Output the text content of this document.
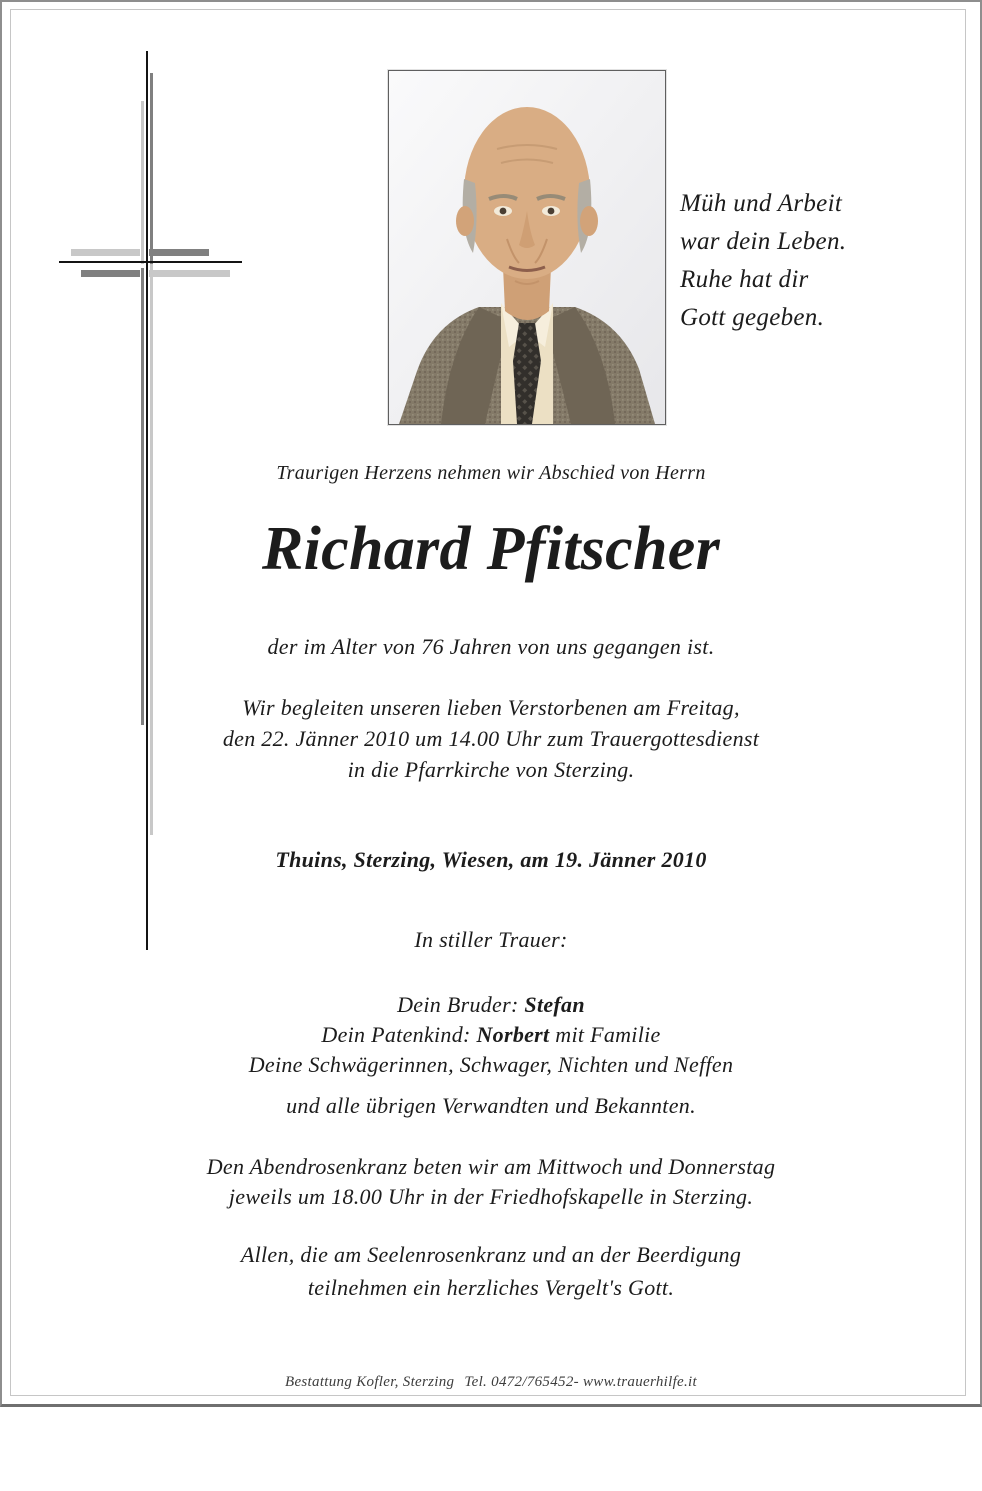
Müh und Arbeit
war dein Leben.
Ruhe hat dir
Gott gegeben.
Traurigen Herzens nehmen wir Abschied von Herrn
Richard Pfitscher
der im Alter von 76 Jahren von uns gegangen ist.
Wir begleiten unseren lieben Verstorbenen am Freitag,
den 22. Jänner 2010 um 14.00 Uhr zum Trauergottesdienst
in die Pfarrkirche von Sterzing.
Thuins, Sterzing, Wiesen, am 19. Jänner 2010
In stiller Trauer:
Dein Bruder: Stefan
Dein Patenkind: Norbert mit Familie
Deine Schwägerinnen, Schwager, Nichten und Neffen
und alle übrigen Verwandten und Bekannten.
Den Abendrosenkranz beten wir am Mittwoch und Donnerstag
jeweils um 18.00 Uhr in der Friedhofskapelle in Sterzing.
Allen, die am Seelenrosenkranz und an der Beerdigung
teilnehmen ein herzliches Vergelt's Gott.
Bestattung Kofler, Sterzing Tel. 0472/765452- www.trauerhilfe.it
